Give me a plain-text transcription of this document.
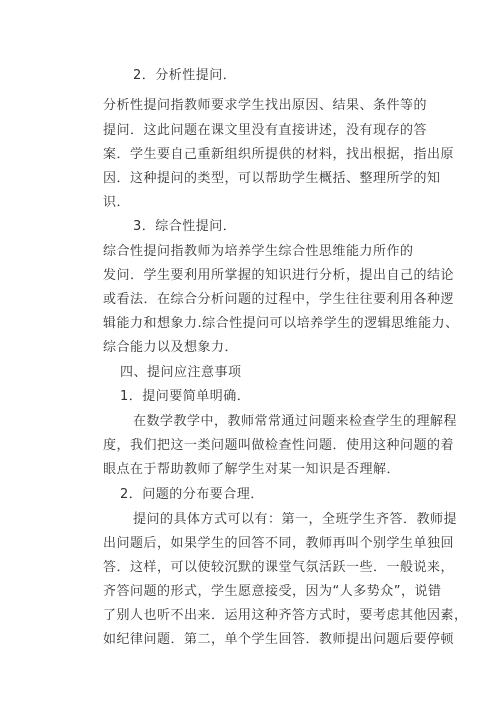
2．分析性提问．
分析性提问指教师要求学生找出原因、结果、条件等的
提问．这此问题在课文里没有直接讲述，没有现存的答
案．学生要自己重新组织所提供的材料，找出根据，指出原
因．这种提问的类型，可以帮助学生概括、整理所学的知
识．
3．综合性提问．
综合性提问指教师为培养学生综合性思维能力所作的
发问．学生要利用所掌握的知识进行分析，提出自己的结论
或看法．在综合分析问题的过程中，学生往往要利用各种逻
辑能力和想象力.综合性提问可以培养学生的逻辑思维能力、
综合能力以及想象力．
四、提问应注意事项
1．提问要简单明确．
在数学教学中，教师常常通过问题来检查学生的理解程
度，我们把这一类问题叫做检查性问题．使用这种问题的着
眼点在于帮助教师了解学生对某一知识是否理解．
2．问题的分布要合理．
提问的具体方式可以有：第一，全班学生齐答．教师提
出问题后，如果学生的回答不同，教师再叫个别学生单独回
答．这样，可以使较沉默的课堂气氛活跃一些．一般说来，
齐答问题的形式，学生愿意接受，因为“人多势众”，说错
了别人也听不出来．运用这种齐答方式时，要考虑其他因素，
如纪律问题．第二，单个学生回答．教师提出问题后要停顿
